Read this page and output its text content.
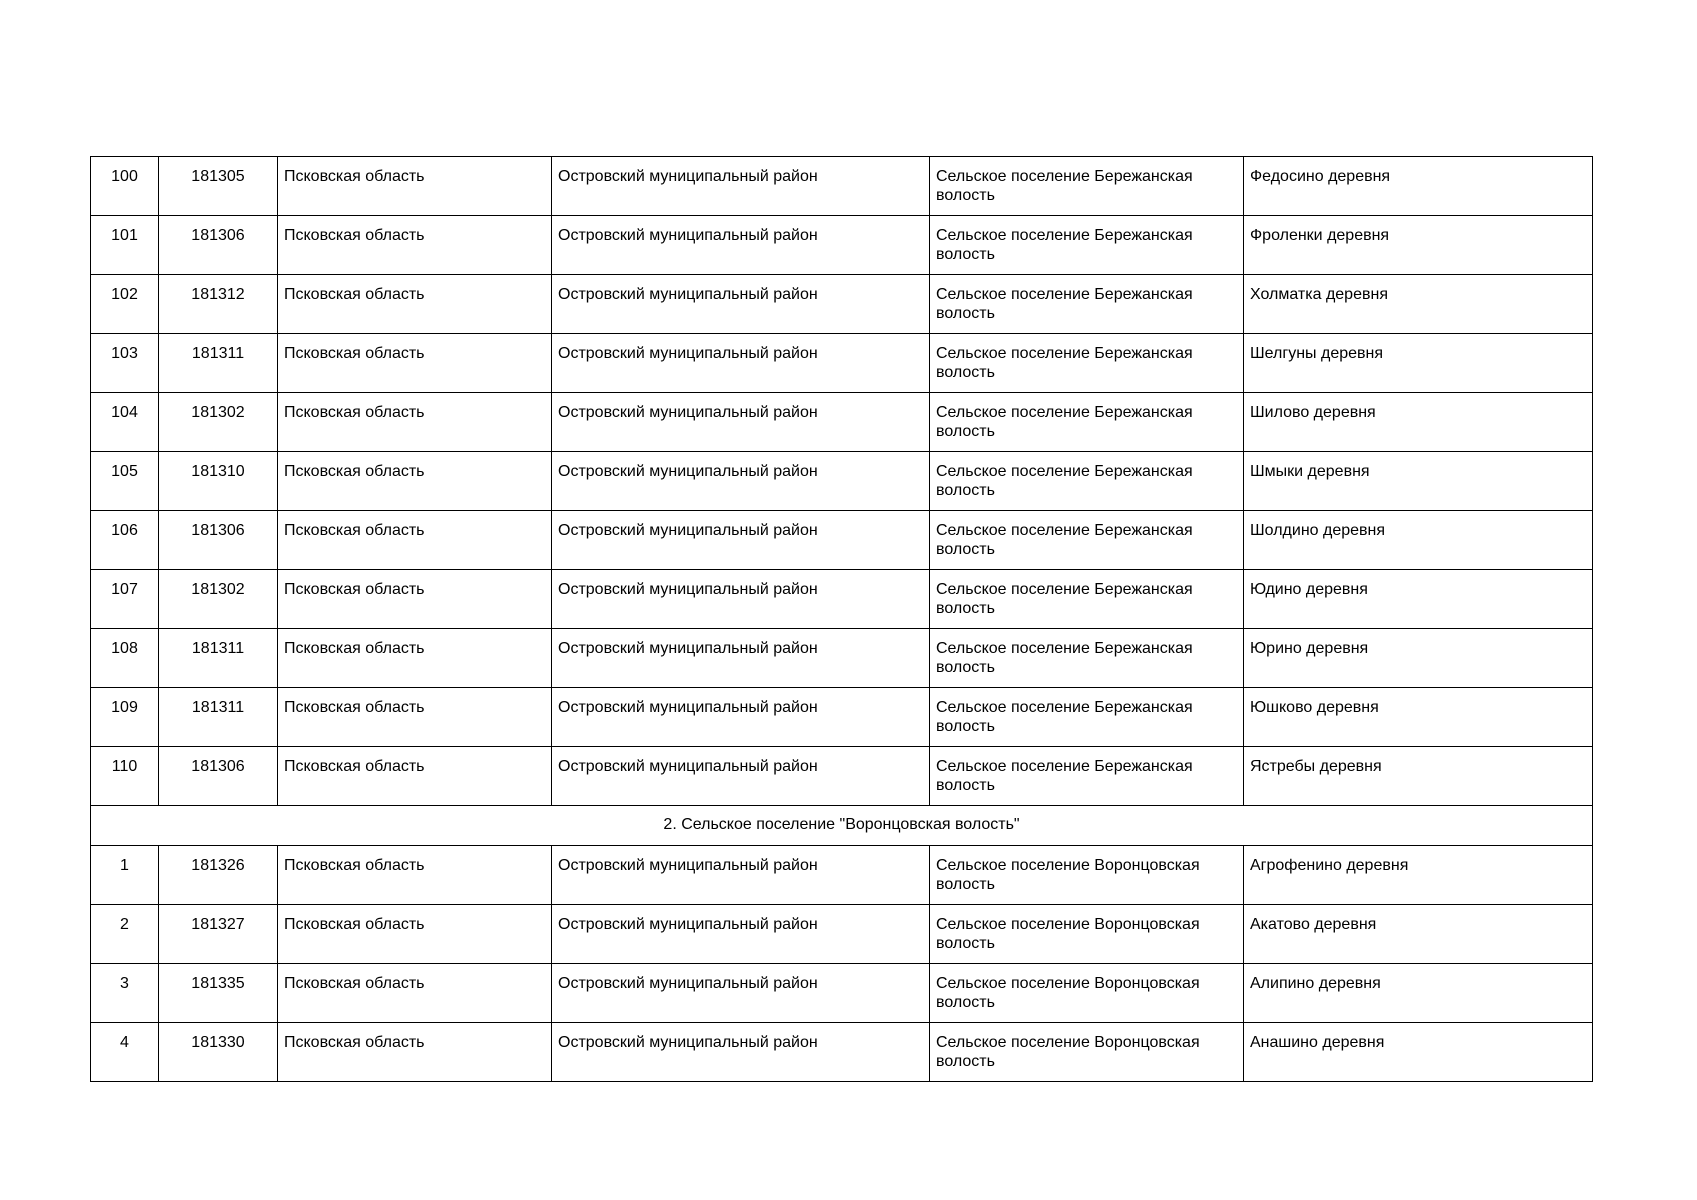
100	181305	Псковская область	Островский муниципальный район	Сельское поселение Бережанская волость	Федосино деревня
101	181306	Псковская область	Островский муниципальный район	Сельское поселение Бережанская волость	Фроленки деревня
102	181312	Псковская область	Островский муниципальный район	Сельское поселение Бережанская волость	Холматка деревня
103	181311	Псковская область	Островский муниципальный район	Сельское поселение Бережанская волость	Шелгуны деревня
104	181302	Псковская область	Островский муниципальный район	Сельское поселение Бережанская волость	Шилово деревня
105	181310	Псковская область	Островский муниципальный район	Сельское поселение Бережанская волость	Шмыки деревня
106	181306	Псковская область	Островский муниципальный район	Сельское поселение Бережанская волость	Шолдино деревня
107	181302	Псковская область	Островский муниципальный район	Сельское поселение Бережанская волость	Юдино деревня
108	181311	Псковская область	Островский муниципальный район	Сельское поселение Бережанская волость	Юрино деревня
109	181311	Псковская область	Островский муниципальный район	Сельское поселение Бережанская волость	Юшково деревня
110	181306	Псковская область	Островский муниципальный район	Сельское поселение Бережанская волость	Ястребы деревня
2. Сельское поселение "Воронцовская волость"					
1	181326	Псковская область	Островский муниципальный район	Сельское поселение Воронцовская волость	Агрофенино деревня
2	181327	Псковская область	Островский муниципальный район	Сельское поселение Воронцовская волость	Акатово деревня
3	181335	Псковская область	Островский муниципальный район	Сельское поселение Воронцовская волость	Алипино деревня
4	181330	Псковская область	Островский муниципальный район	Сельское поселение Воронцовская волость	Анашино деревня
